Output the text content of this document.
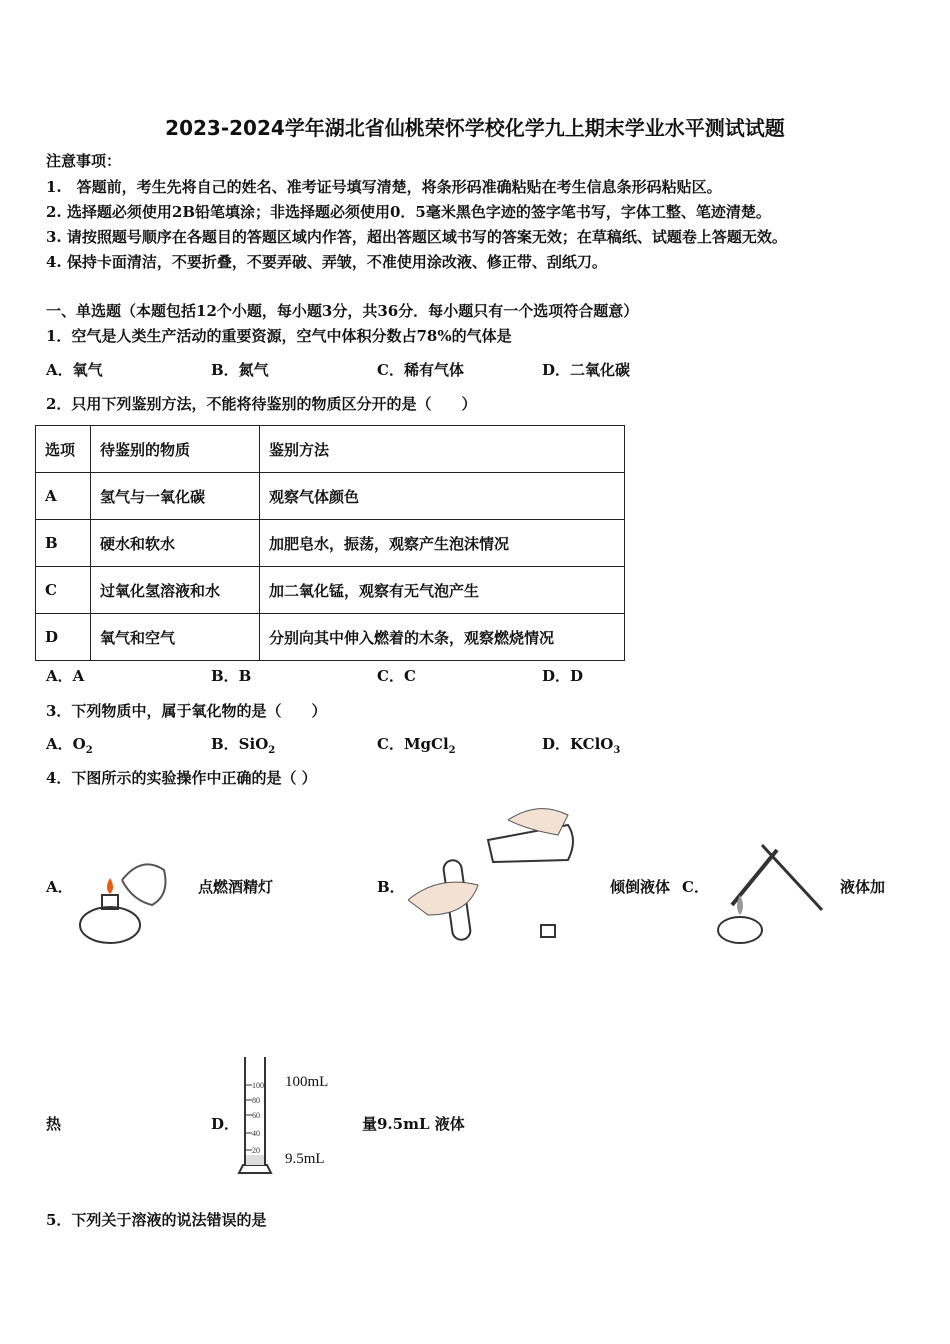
2023-2024学年湖北省仙桃荣怀学校化学九上期末学业水平测试试题
注意事项：
1.　答题前，考生先将自己的姓名、准考证号填写清楚，将条形码准确粘贴在考生信息条形码粘贴区。
2. 选择题必须使用2B铅笔填涂；非选择题必须使用0．5毫米黑色字迹的签字笔书写，字体工整、笔迹清楚。
3. 请按照题号顺序在各题目的答题区域内作答，超出答题区域书写的答案无效；在草稿纸、试题卷上答题无效。
4. 保持卡面清洁，不要折叠，不要弄破、弄皱，不准使用涂改液、修正带、刮纸刀。
一、单选题（本题包括12个小题，每小题3分，共36分．每小题只有一个选项符合题意）
1．空气是人类生产活动的重要资源，空气中体积分数占78%的气体是
A．氧气	B．氮气	C．稀有气体	D．二氧化碳
2．只用下列鉴别方法，不能将待鉴别的物质区分开的是（　　）
选项	待鉴别的物质	鉴别方法
A	氢气与一氧化碳	观察气体颜色
B	硬水和软水	加肥皂水，振荡，观察产生泡沫情况
C	过氧化氢溶液和水	加二氧化锰，观察有无气泡产生
D	氧气和空气	分别向其中伸入燃着的木条，观察燃烧情况
A．A	B．B	C．C	D．D
3．下列物质中，属于氧化物的是（　　）
A．$O_2$	B．SiO$_2$	C．MgCl$_2$	D．KClO$_3$
4．下图所示的实验操作中正确的是（ ）
A．	点燃酒精灯	B．	倾倒液体 C．	液体加
热	D．
100
80
60
40
20
100mL
9.5mL
量9.5mL 液体
5．下列关于溶液的说法错误的是
